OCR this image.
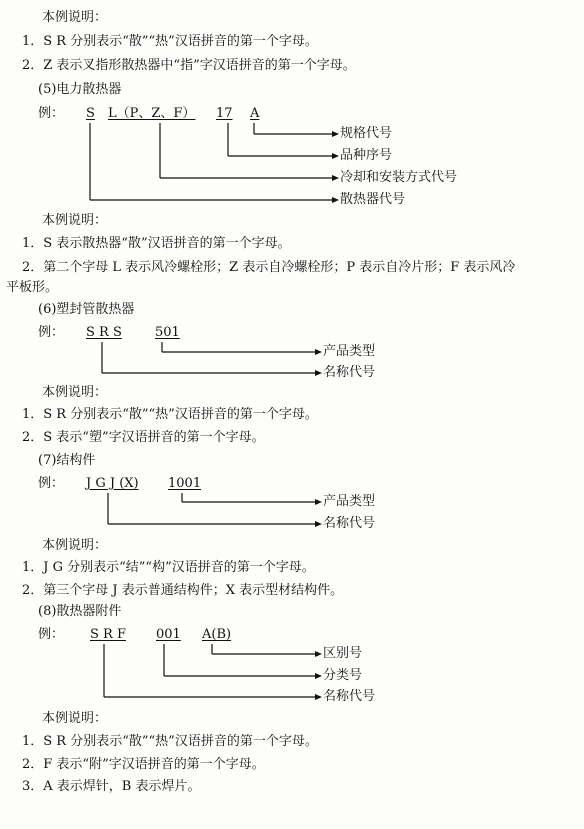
本例说明：
1．S R 分别表示“散”“热”汉语拼音的第一个字母。
2．Z 表示叉指形散热器中“指”字汉语拼音的第一个字母。
(5)电力散热器
例： S L（P、Z、F） 17 A
规格代号
品种序号
冷却和安装方式代号
散热器代号
本例说明：
1．S 表示散热器“散”汉语拼音的第一个字母。
2．第二个字母 L 表示风冷螺栓形；Z 表示自冷螺栓形；P 表示自冷片形；F 表示风冷
平板形。
(6)塑封管散热器
例： S R S	501
产品类型
名称代号
本例说明：
1．S R 分别表示“散”“热”汉语拼音的第一个字母。
2．S 表示“塑”字汉语拼音的第一个字母。
(7)结构件
例： J G J (X) 1001
产品类型
名称代号
本例说明：
1．J G 分别表示“结”“构”汉语拼音的第一个字母。
2．第三个字母 J 表示普通结构件；X 表示型材结构件。
(8)散热器附件
例： S R F 001 A(B)
区别号
分类号
名称代号
本例说明：
1．S R 分别表示“散”“热”汉语拼音的第一个字母。
2．F 表示“附”字汉语拼音的第一个字母。
3．A 表示焊针，B 表示焊片。
